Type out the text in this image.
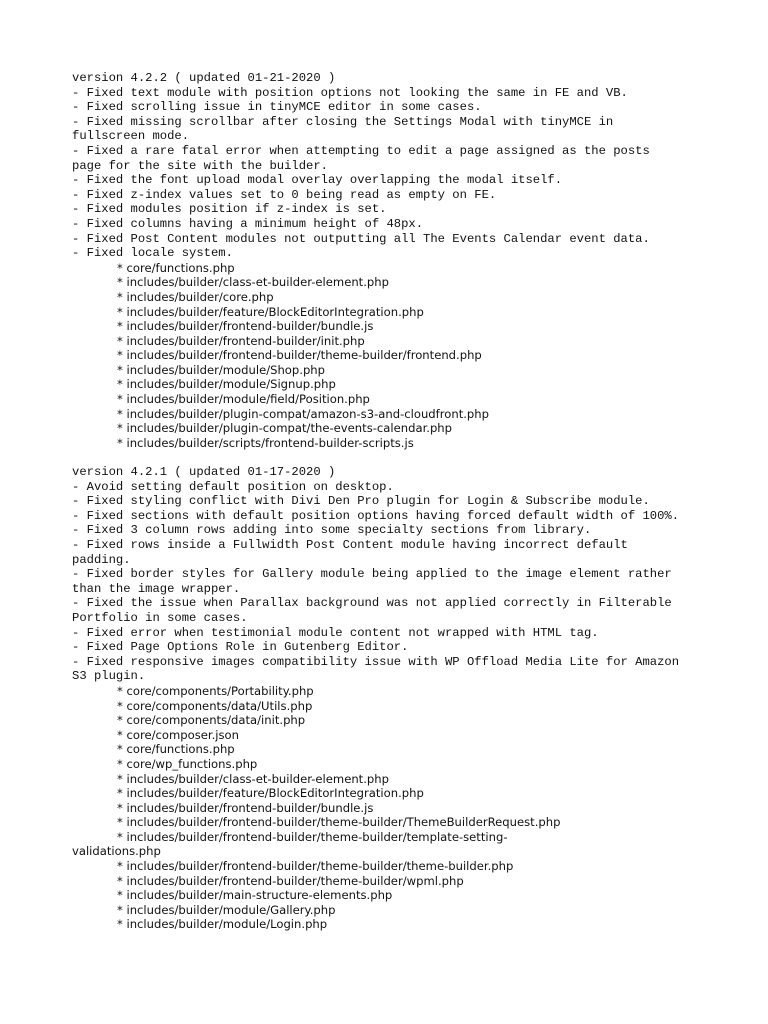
version 4.2.2 ( updated 01-21-2020 )
- Fixed text module with position options not looking the same in FE and VB.
- Fixed scrolling issue in tinyMCE editor in some cases.
- Fixed missing scrollbar after closing the Settings Modal with tinyMCE in
fullscreen mode.
- Fixed a rare fatal error when attempting to edit a page assigned as the posts
page for the site with the builder.
- Fixed the font upload modal overlay overlapping the modal itself.
- Fixed z-index values set to 0 being read as empty on FE.
- Fixed modules position if z-index is set.
- Fixed columns having a minimum height of 48px.
- Fixed Post Content modules not outputting all The Events Calendar event data.
- Fixed locale system.
* core/functions.php
* includes/builder/class-et-builder-element.php
* includes/builder/core.php
* includes/builder/feature/BlockEditorIntegration.php
* includes/builder/frontend-builder/bundle.js
* includes/builder/frontend-builder/init.php
* includes/builder/frontend-builder/theme-builder/frontend.php
* includes/builder/module/Shop.php
* includes/builder/module/Signup.php
* includes/builder/module/field/Position.php
* includes/builder/plugin-compat/amazon-s3-and-cloudfront.php
* includes/builder/plugin-compat/the-events-calendar.php
* includes/builder/scripts/frontend-builder-scripts.js
version 4.2.1 ( updated 01-17-2020 )
- Avoid setting default position on desktop.
- Fixed styling conflict with Divi Den Pro plugin for Login & Subscribe module.
- Fixed sections with default position options having forced default width of 100%.
- Fixed 3 column rows adding into some specialty sections from library.
- Fixed rows inside a Fullwidth Post Content module having incorrect default
padding.
- Fixed border styles for Gallery module being applied to the image element rather
than the image wrapper.
- Fixed the issue when Parallax background was not applied correctly in Filterable
Portfolio in some cases.
- Fixed error when testimonial module content not wrapped with HTML tag.
- Fixed Page Options Role in Gutenberg Editor.
- Fixed responsive images compatibility issue with WP Offload Media Lite for Amazon
S3 plugin.
* core/components/Portability.php
* core/components/data/Utils.php
* core/components/data/init.php
* core/composer.json
* core/functions.php
* core/wp_functions.php
* includes/builder/class-et-builder-element.php
* includes/builder/feature/BlockEditorIntegration.php
* includes/builder/frontend-builder/bundle.js
* includes/builder/frontend-builder/theme-builder/ThemeBuilderRequest.php
* includes/builder/frontend-builder/theme-builder/template-setting-
validations.php
* includes/builder/frontend-builder/theme-builder/theme-builder.php
* includes/builder/frontend-builder/theme-builder/wpml.php
* includes/builder/main-structure-elements.php
* includes/builder/module/Gallery.php
* includes/builder/module/Login.php
